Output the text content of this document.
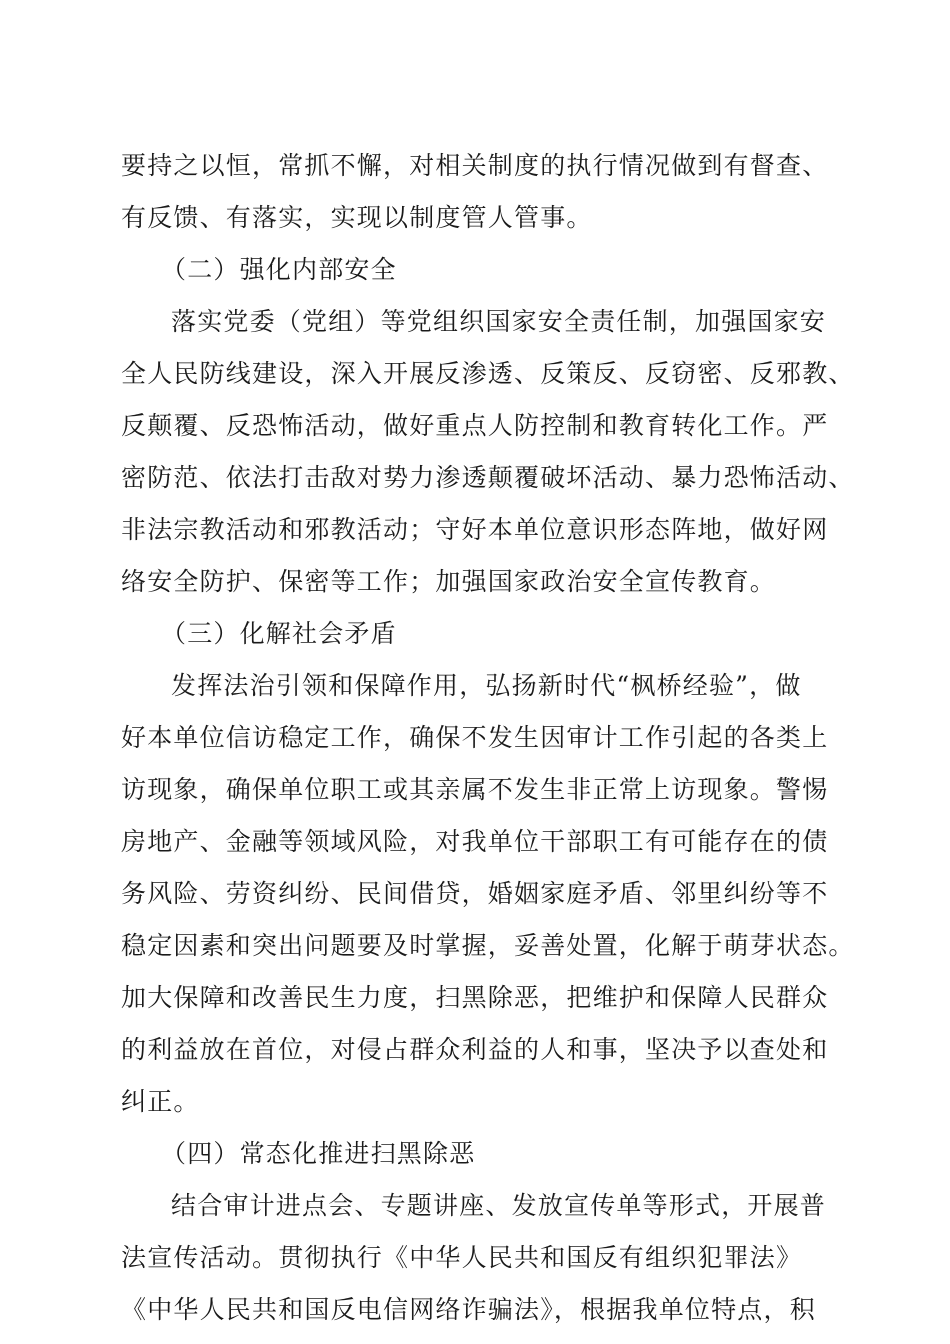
要持之以恒，常抓不懈，对相关制度的执行情况做到有督查、
有反馈、有落实，实现以制度管人管事。
（二）强化内部安全
落实党委（党组）等党组织国家安全责任制，加强国家安
全人民防线建设，深入开展反渗透、反策反、反窃密、反邪教、
反颠覆、反恐怖活动，做好重点人防控制和教育转化工作。严
密防范、依法打击敌对势力渗透颠覆破坏活动、暴力恐怖活动、
非法宗教活动和邪教活动；守好本单位意识形态阵地，做好网
络安全防护、保密等工作；加强国家政治安全宣传教育。
（三）化解社会矛盾
发挥法治引领和保障作用，弘扬新时代“枫桥经验”，做
好本单位信访稳定工作，确保不发生因审计工作引起的各类上
访现象，确保单位职工或其亲属不发生非正常上访现象。警惕
房地产、金融等领域风险，对我单位干部职工有可能存在的债
务风险、劳资纠纷、民间借贷，婚姻家庭矛盾、邻里纠纷等不
稳定因素和突出问题要及时掌握，妥善处置，化解于萌芽状态。
加大保障和改善民生力度，扫黑除恶，把维护和保障人民群众
的利益放在首位，对侵占群众利益的人和事，坚决予以查处和
纠正。
（四）常态化推进扫黑除恶
结合审计进点会、专题讲座、发放宣传单等形式，开展普
法宣传活动。贯彻执行《中华人民共和国反有组织犯罪法》
《中华人民共和国反电信网络诈骗法》，根据我单位特点，积
